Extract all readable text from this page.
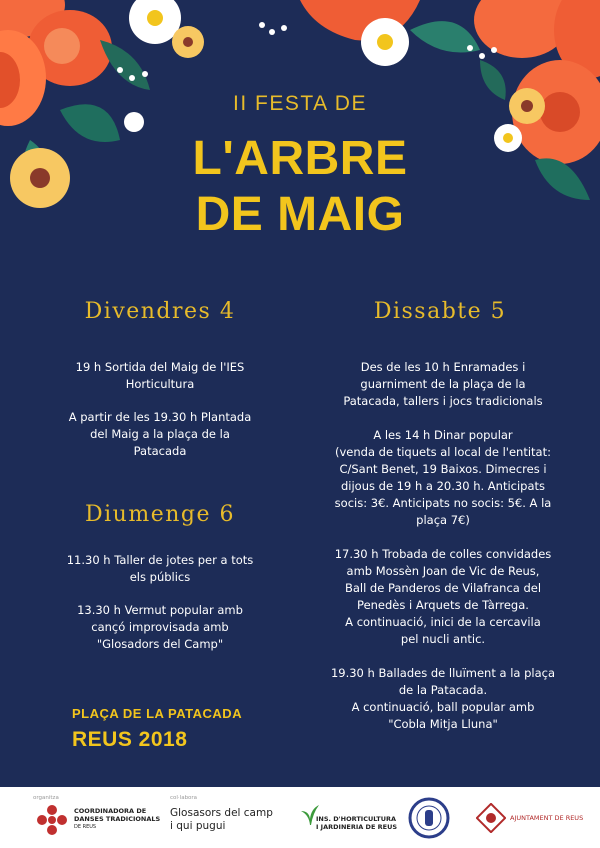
II FESTA DE
L'ARBRE
DE MAIG
Divendres 4
19 h Sortida del Maig de l'IES
Horticultura
A partir de les 19.30 h Plantada
del Maig a la plaça de la
Patacada
Diumenge 6
11.30 h Taller de jotes per a tots
els públics
13.30 h Vermut popular amb
cançó improvisada amb
"Glosadors del Camp"
Dissabte 5
Des de les 10 h Enramades i
guarniment de la plaça de la
Patacada, tallers i jocs tradicionals
A les 14 h Dinar popular
(venda de tiquets al local de l'entitat:
C/Sant Benet, 19 Baixos. Dimecres i
dijous de 19 h a 20.30 h. Anticipats
socis: 3€. Anticipats no socis: 5€. A la
plaça 7€)
17.30 h Trobada de colles convidades
amb Mossèn Joan de Vic de Reus,
Ball de Panderos de Vilafranca del
Penedès i Arquets de Tàrrega.
A continuació, inici de la cercavila
pel nucli antic.
19.30 h Ballades de lluïment a la plaça
de la Patacada.
A continuació, ball popular amb
"Cobla Mitja Lluna"
PLAÇA DE LA PATACADA
REUS 2018
organitza
COORDINADORA DE
DANSES TRADICIONALS
DE REUS
col·labora
Glosasors del camp
i qui pugui
INS. D'HORTICULTURA
I JARDINERIA DE REUS
AJUNTAMENT DE REUS
